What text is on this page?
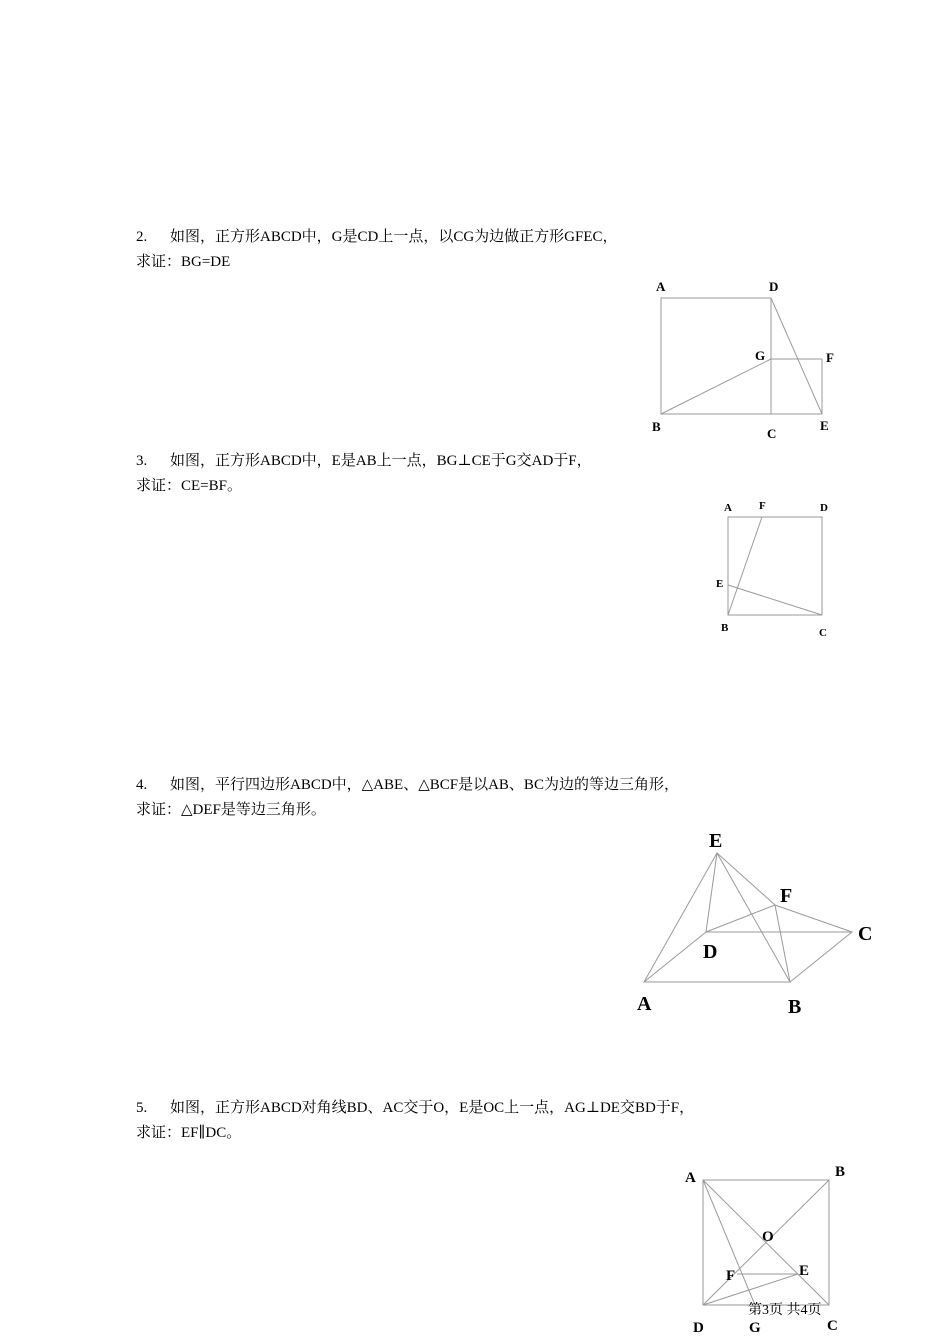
2. 如图，正方形ABCD中，G是CD上一点，以CG为边做正方形GFEC，
求证：BG=DE
A	D
G	F
B	C
E
3. 如图，正方形ABCD中，E是AB上一点，BG⊥CE于G交AD于F，
求证：CE=BF。
A F	D
E
B	C
4. 如图，平行四边形ABCD中，△ABE、△BCF是以AB、BC为边的等边三角形，
求证：△DEF是等边三角形。
E
F
C
D
A	B
5. 如图，正方形ABCD对角线BD、AC交于O，E是OC上一点，AG⊥DE交BD于F，
求证：EF∥DC。
A	B
O
F	E
D	G	C
第3页 共4页
